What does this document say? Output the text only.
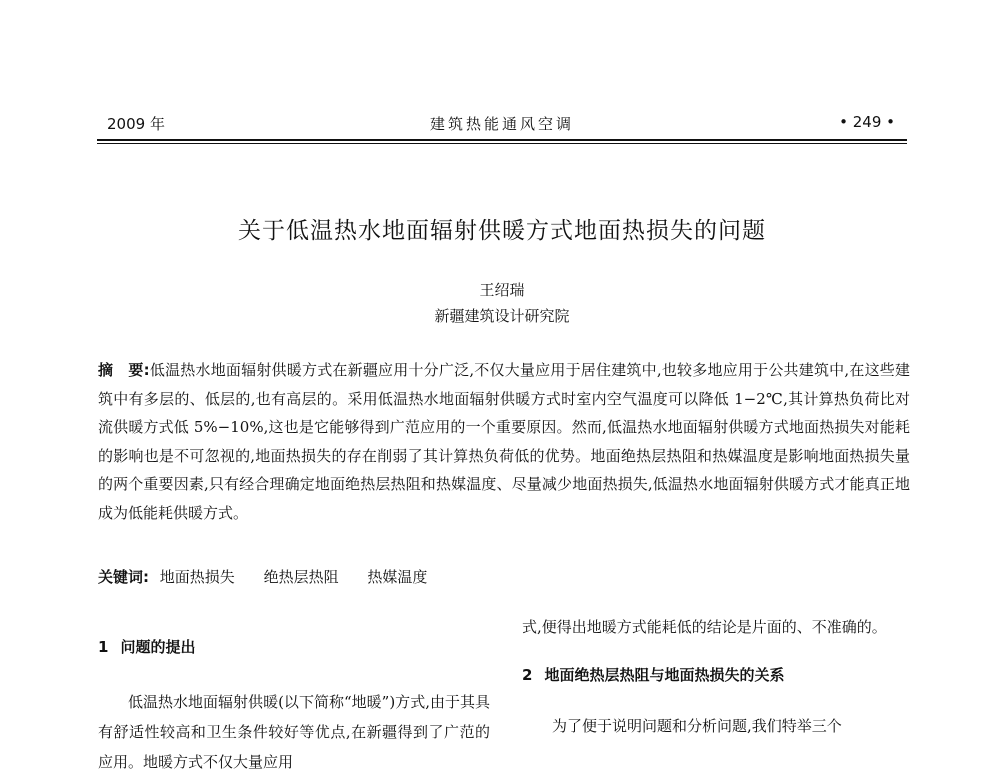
2009 年	建筑热能通风空调	• 249 •
关于低温热水地面辐射供暖方式地面热损失的问题
王绍瑞
新疆建筑设计研究院
摘　要:低温热水地面辐射供暖方式在新疆应用十分广泛,不仅大量应用于居住建筑中,也较多地应用于公共建筑中,在这些建筑中有多层的、低层的,也有高层的。采用低温热水地面辐射供暖方式时室内空气温度可以降低 1−2℃,其计算热负荷比对流供暖方式低 5%−10%,这也是它能够得到广范应用的一个重要原因。然而,低温热水地面辐射供暖方式地面热损失对能耗的影响也是不可忽视的,地面热损失的存在削弱了其计算热负荷低的优势。地面绝热层热阻和热媒温度是影响地面热损失量的两个重要因素,只有经合理确定地面绝热层热阻和热媒温度、尽量减少地面热损失,低温热水地面辐射供暖方式才能真正地成为低能耗供暖方式。
关键词: 地面热损失 绝热层热阻 热媒温度
1 问题的提出
低温热水地面辐射供暖(以下简称“地暖”)方式,由于其具有舒适性较高和卫生条件较好等优点,在新疆得到了广范的应用。地暖方式不仅大量应用
式,便得出地暖方式能耗低的结论是片面的、不准确的。
2 地面绝热层热阻与地面热损失的关系
为了便于说明问题和分析问题,我们特举三个
